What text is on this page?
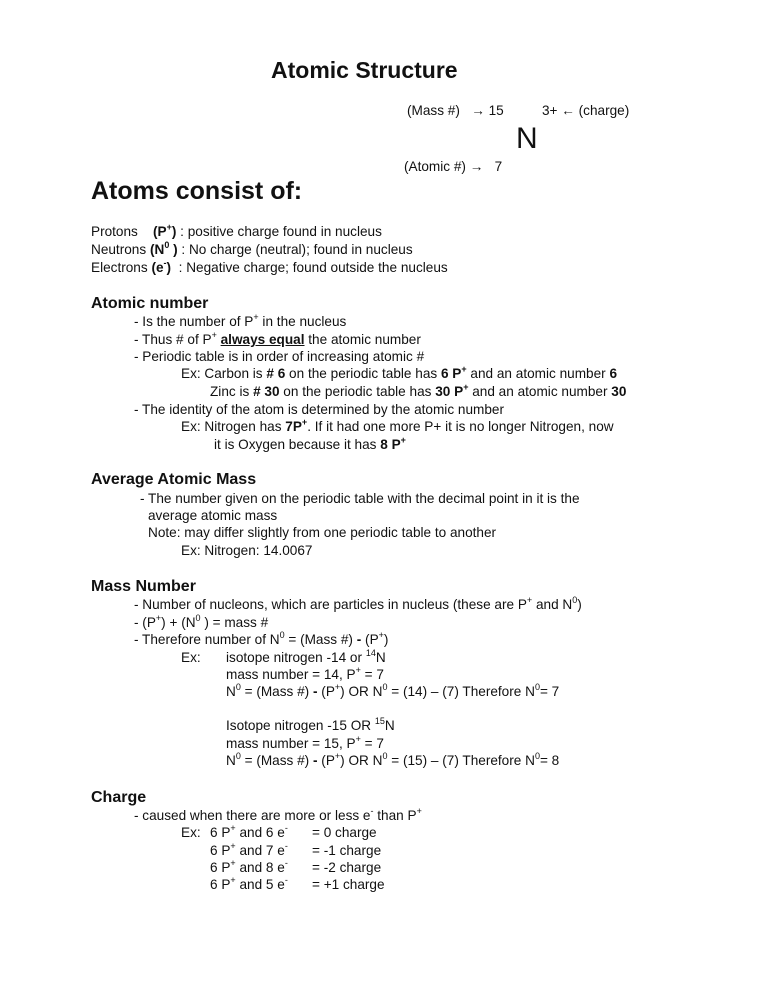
Atomic Structure
(Mass #) → 15	3+ ← (charge)
N
(Atomic #) → 7
Atoms consist of:
Protons (P+) : positive charge found in nucleus
Neutrons ($N^0$ ) : No charge (neutral); found in nucleus
Electrons (e-) : Negative charge; found outside the nucleus
Atomic number
- Is the number of P+ in the nucleus
- Thus # of P+ always equal the atomic number
- Periodic table is in order of increasing atomic #
Ex: Carbon is # 6 on the periodic table has 6 P+ and an atomic number 6
Zinc is # 30 on the periodic table has 30 P+ and an atomic number 30
- The identity of the atom is determined by the atomic number
Ex: Nitrogen has 7P+. If it had one more P+ it is no longer Nitrogen, now
it is Oxygen because it has 8 P+
Average Atomic Mass
- The number given on the periodic table with the decimal point in it is the
average atomic mass
Note: may differ slightly from one periodic table to another
Ex: Nitrogen: 14.0067
Mass Number
- Number of nucleons, which are particles in nucleus (these are P+ and $N^0$)
- $(P^+) + (N^0$ ) = mass #
- Therefore number of $N^0$ = (Mass #) - (P+)
Ex: isotope nitrogen -14 or $^{14}$N
mass number = 14, P+ = 7
$N^0$ = (Mass #) - (P+) OR $N^0 = (14) - (7)$ Therefore $N^0= 7$
Isotope nitrogen -15 OR $^{15}$N
mass number = 15, P+ = 7
$N^0$ = (Mass #) - (P+) OR $N^0 = (15) - (7)$ Therefore $N^0= 8$
Charge
- caused when there are more or less e- than P+
Ex: 6 P+ and 6 e- = 0 charge
6 P+ and 7 e- = -1 charge
6 P+ and 8 e- = -2 charge
6 P+ and 5 e- = +1 charge
